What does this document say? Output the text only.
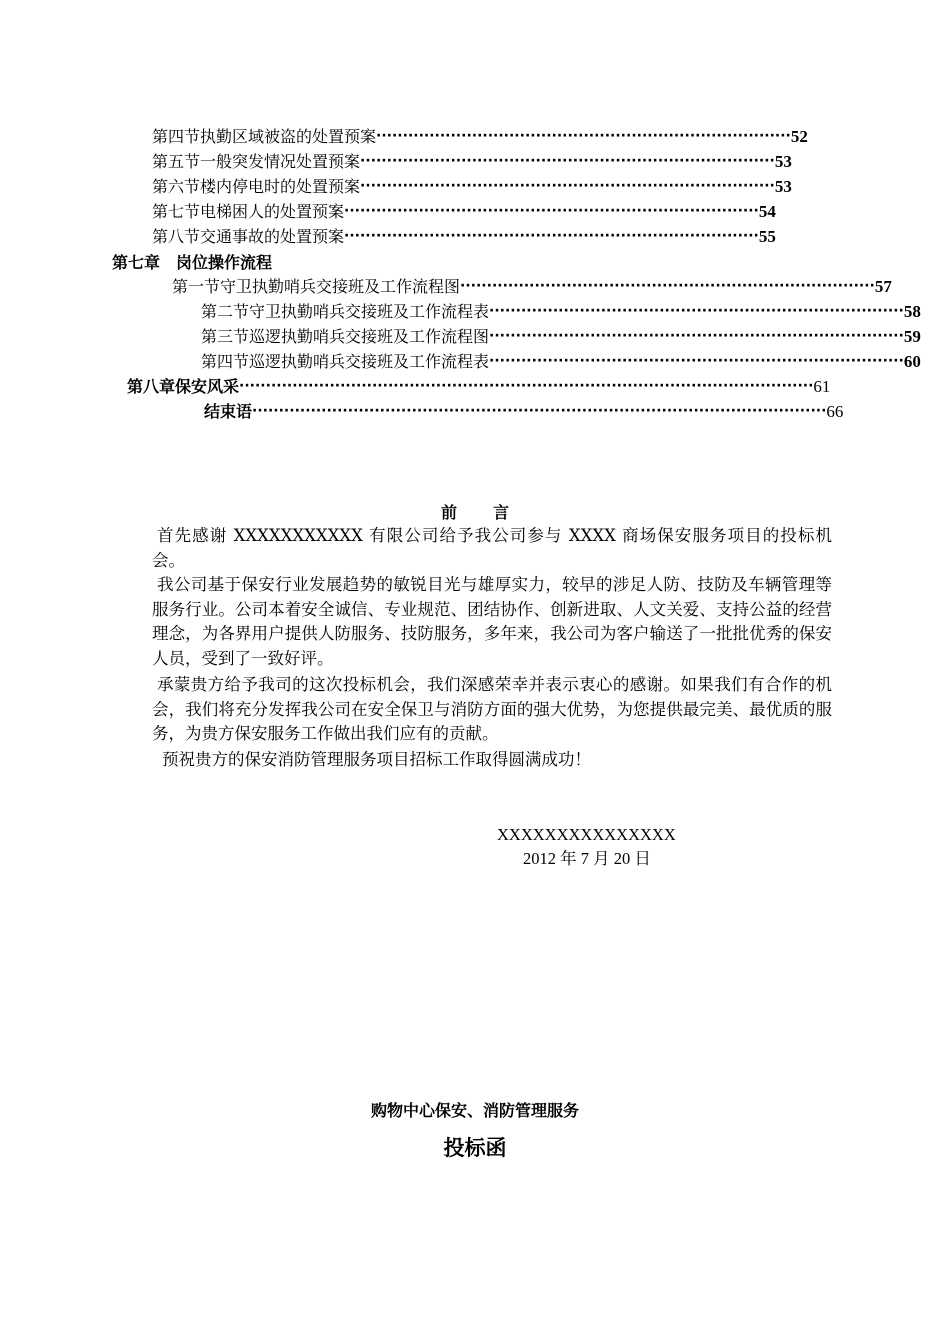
第四节 执勤区域被盗的处置预案 ·············································································· 52
第五节 一般突发情况处置预案 ·············································································· 53
第六节 楼内停电时的处置预案 ·············································································· 53
第七节 电梯困人的处置预案 ·············································································· 54
第八节 交通事故的处置预案 ·············································································· 55
第七章 岗位操作流程
第一节 守卫执勤哨兵交接班及工作流程图 ·············································································· 57
第二节 守卫执勤哨兵交接班及工作流程表 ·············································································· 58
第三节 巡逻执勤哨兵交接班及工作流程图 ·············································································· 59
第四节 巡逻执勤哨兵交接班及工作流程表 ·············································································· 60
第八章 保安风采 ············································································································ 61
结束语 ············································································································ 66
前言
首先感谢 XXXXXXXXXXX 有限公司给予我公司参与 XXXX 商场保安服务项目的投标机会。
我公司基于保安行业发展趋势的敏锐目光与雄厚实力，较早的涉足人防、技防及车辆管理等服务行业。公司本着安全诚信、专业规范、团结协作、创新进取、人文关爱、支持公益的经营理念，为各界用户提供人防服务、技防服务，多年来，我公司为客户输送了一批批优秀的保安人员，受到了一致好评。
承蒙贵方给予我司的这次投标机会，我们深感荣幸并表示衷心的感谢。如果我们有合作的机会，我们将充分发挥我公司在安全保卫与消防方面的强大优势，为您提供最完美、最优质的服务，为贵方保安服务工作做出我们应有的贡献。
预祝贵方的保安消防管理服务项目招标工作取得圆满成功！
XXXXXXXXXXXXXXX
2012 年 7 月 20 日
购物中心保安、消防管理服务
投标函
